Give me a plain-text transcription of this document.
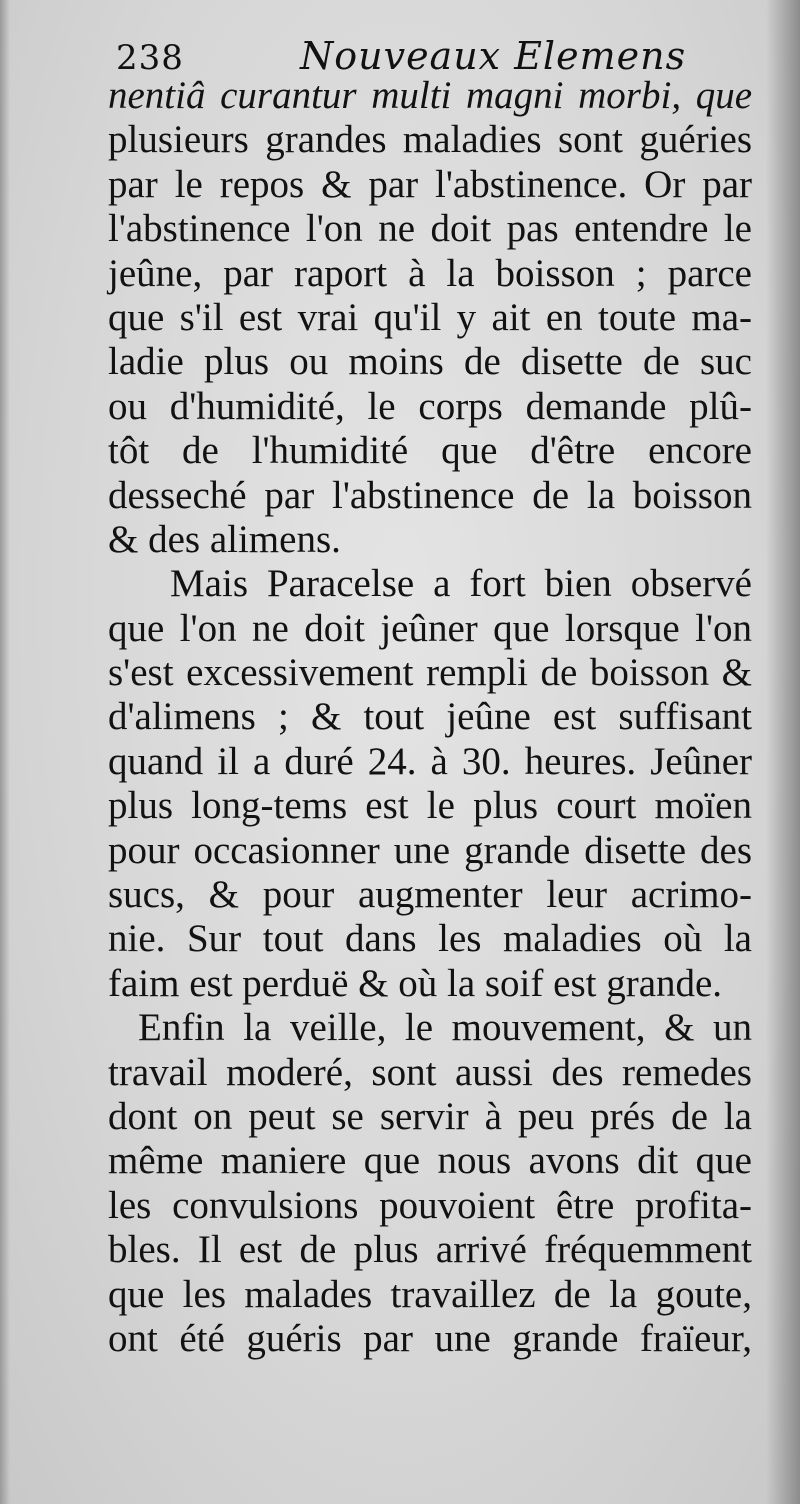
238	Nouveaux Elemens
nentiâ curantur multi magni morbi, que
plusieurs grandes maladies sont guéries
par le repos & par l'abstinence. Or par
l'abstinence l'on ne doit pas entendre le
jeûne, par raport à la boisson ; parce
que s'il est vrai qu'il y ait en toute ma-
ladie plus ou moins de disette de suc
ou d'humidité, le corps demande plû-
tôt de l'humidité que d'être encore
desseché par l'abstinence de la boisson
& des alimens.
Mais Paracelse a fort bien observé
que l'on ne doit jeûner que lorsque l'on
s'est excessivement rempli de boisson &
d'alimens ; & tout jeûne est suffisant
quand il a duré 24. à 30. heures. Jeûner
plus long-tems est le plus court moïen
pour occasionner une grande disette des
sucs, & pour augmenter leur acrimo-
nie. Sur tout dans les maladies où la
faim est perduë & où la soif est grande.
Enfin la veille, le mouvement, & un
travail moderé, sont aussi des remedes
dont on peut se servir à peu prés de la
même maniere que nous avons dit que
les convulsions pouvoient être profita-
bles. Il est de plus arrivé fréquemment
que les malades travaillez de la goute,
ont été guéris par une grande fraïeur,
